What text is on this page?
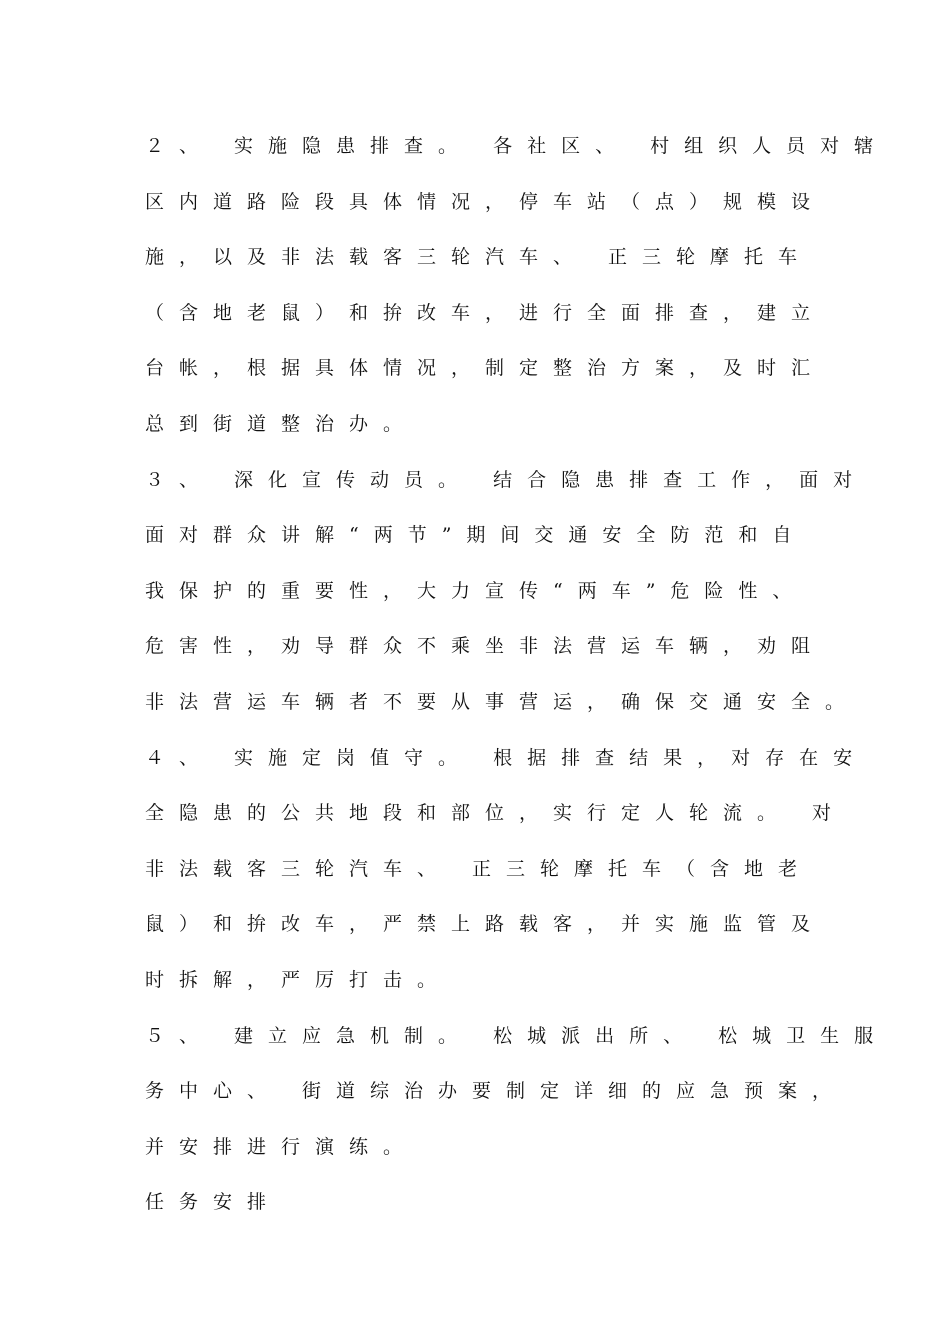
２、 实施隐患排查。 各社区、 村组织人员对辖
区内道路险段具体情况，停车站（点）规模设
施，以及非法载客三轮汽车、 正三轮摩托车
（含地老鼠）和拚改车，进行全面排查，建立
台帐，根据具体情况，制定整治方案，及时汇
总到街道整治办。
３、 深化宣传动员。 结合隐患排查工作，面对
面对群众讲解“两节”期间交通安全防范和自
我保护的重要性，大力宣传“两车”危险性、
危害性，劝导群众不乘坐非法营运车辆，劝阻
非法营运车辆者不要从事营运，确保交通安全。
４、 实施定岗值守。 根据排查结果，对存在安
全隐患的公共地段和部位，实行定人轮流。 对
非法载客三轮汽车、 正三轮摩托车（含地老
鼠）和拚改车，严禁上路载客，并实施监管及
时拆解，严厉打击。
５、 建立应急机制。 松城派出所、 松城卫生服
务中心、 街道综治办要制定详细的应急预案，
并安排进行演练。
任务安排
